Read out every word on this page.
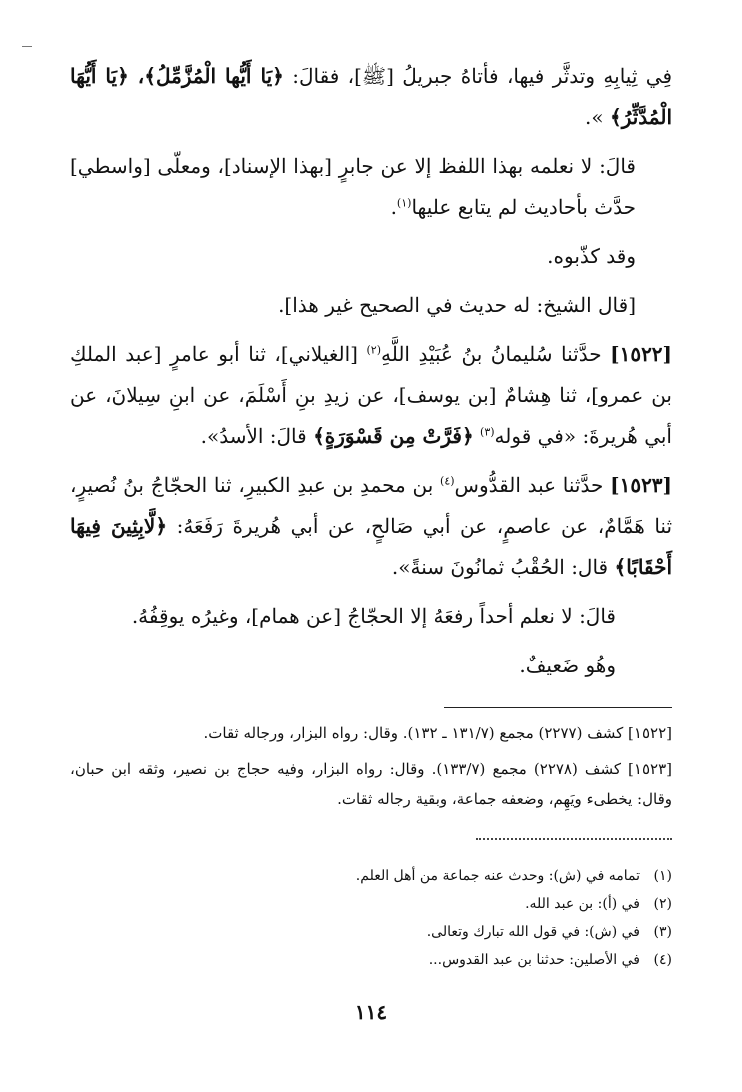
فِي ثِيابِهِ وتدثَّر فيها، فأتاهُ جبريلُ [ﷺ]، فقالَ: ﴿يَا أَيُّها الْمُزَّمِّلُ﴾، ﴿يَا أَيُّهَا الْمُدَّثِّرُ﴾ ».

قالَ: لا نعلمه بهذا اللفظ إلا عن جابرٍ [بهذا الإسناد]، ومعلّى [واسطي] حدَّث بأحاديث لم يتابع عليها$^{(١)}$.

وقد كذّبوه.

[قال الشيخ: له حديث في الصحيح غير هذا].

[١٥٢٢] حدَّثنا سُليمانُ بنُ عُبَيْدِ اللَّهِ$^{(٢)}$ [الغيلاني]، ثنا أبو عامرٍ [عبد الملكِ بن عمرو]، ثنا هِشامٌ [بن يوسف]، عن زيدِ بنِ أَسْلَمَ، عن ابنِ سِيلانَ، عن أبي هُريرةَ: «في قوله$^{(٣)}$ ﴿فَرَّتْ مِن قَسْوَرَةٍ﴾ قالَ: الأسدُ».

[١٥٢٣] حدَّثنا عبد القدُّوس$^{(٤)}$ بن محمدِ بن عبدِ الكبيرِ، ثنا الحجّاجُ بنُ نُصيرٍ، ثنا هَمَّامٌ، عن عاصمٍ، عن أبي صَالحٍ، عن أبي هُريرةَ رَفَعَهُ: ﴿لَّابِثِينَ فِيهَا أَحْقَابًا﴾ قال: الحُقْبُ ثمانُونَ سنةً».

قالَ: لا نعلم أحداً رفعَهُ إلا الحجّاجُ [عن همام]، وغيرُه يوقِفُهُ.

وهُو ضَعيفٌ.

[١٥٢٢] كشف (٢٢٧٧) مجمع (١٣١/٧ ـ ١٣٢). وقال: رواه البزار، ورجاله ثقات.

[١٥٢٣] كشف (٢٢٧٨) مجمع (١٣٣/٧). وقال: رواه البزار، وفيه حجاج بن نصير، وثقه ابن حبان، وقال: يخطىء ويَهِم، وضعفه جماعة، وبقية رجاله ثقات.

(١)
تمامه في (ش): وحدث عنه جماعة من أهل العلم.
(٢)
في (أ): بن عبد الله.
(٣)
في (ش): في قول الله تبارك وتعالى.
(٤)
في الأصلين: حدثنا بن عبد القدوس...
١١٤
